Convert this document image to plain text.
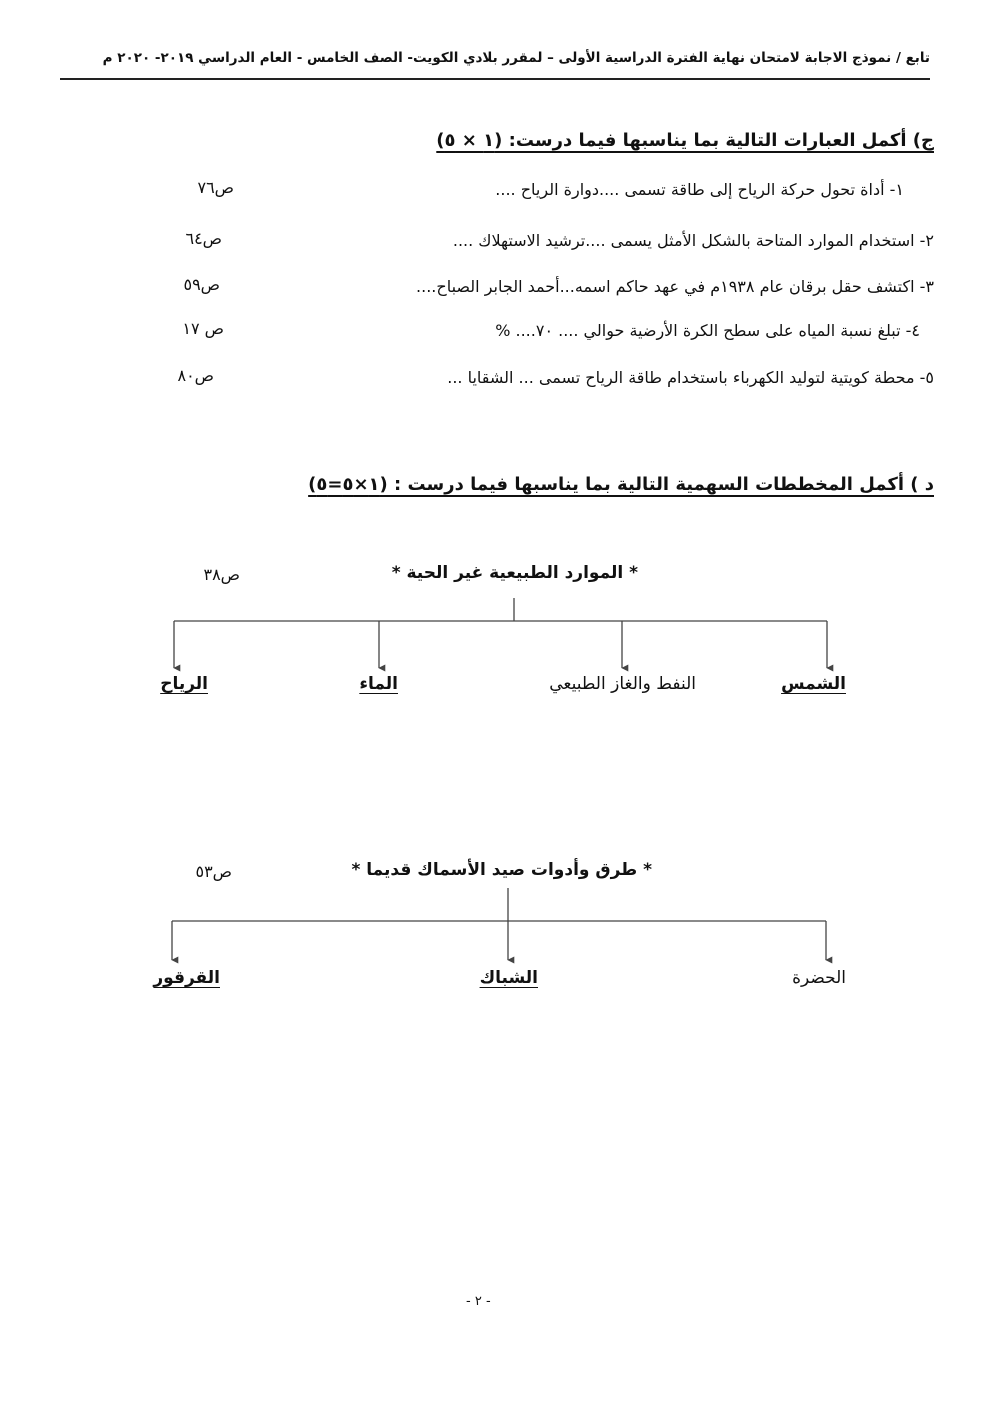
تابع / نموذج الاجابة لامتحان نهاية الفترة الدراسية الأولى – لمقرر بلادي الكويت- الصف الخامس - العام الدراسي ٢٠١٩- ٢٠٢٠ م
ج) أكمل العبارات التالية بما يناسبها فيما درست: (١ × ٥)
١- أداة تحول حركة الرياح إلى طاقة تسمى ....دوارة الرياح ....
ص٧٦
٢- استخدام الموارد المتاحة بالشكل الأمثل يسمى ....ترشيد الاستهلاك ....
ص٦٤
٣- اكتشف حقل برقان عام ١٩٣٨م في عهد حاكم اسمه...أحمد الجابر الصباح....
ص٥٩
٤- تبلغ نسبة المياه على سطح الكرة الأرضية حوالي .... ٧٠.... %
ص ١٧
٥- محطة كويتية لتوليد الكهرباء باستخدام طاقة الرياح تسمى ... الشقايا ...
ص٨٠
د ) أكمل المخططات السهمية التالية بما يناسبها فيما درست : (١×٥=٥)
* الموارد الطبيعية غير الحية *
ص٣٨
الشمس
النفط والغاز الطبيعي
الماء
الرياح
* طرق وأدوات صيد الأسماك قديما *
ص٥٣
الحضرة
الشباك
القرقور
- ٢ -
